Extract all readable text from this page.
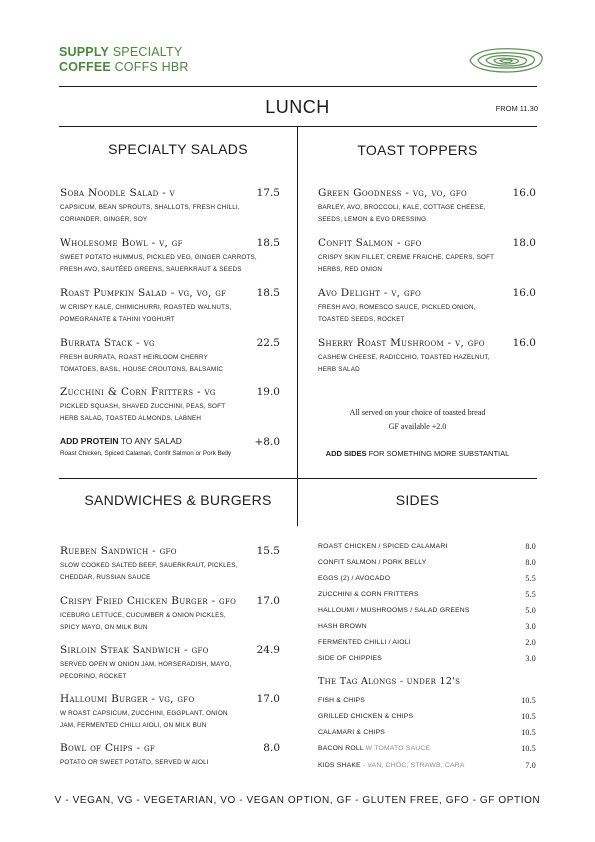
SUPPLY SPECIALTY
COFFEE COFFS HBR
LUNCH	FROM 11.30
SPECIALTY SALADS	TOAST TOPPERS
SANDWICHES & BURGERS	SIDES
Soba Noodle Salad - v	17.5
CAPSICUM, BEAN SPROUTS, SHALLOTS, FRESH CHILLI,
CORIANDER, GINGER, SOY
Wholesome Bowl - v, gf	18.5
SWEET POTATO HUMMUS, PICKLED VEG, GINGER CARROTS,
FRESH AVO, SAUTÉED GREENS, SAUERKRAUT & SEEDS
Roast Pumpkin Salad - vg, vo, gf	18.5
W CRISPY KALE, CHIMICHURRI, ROASTED WALNUTS,
POMEGRANATE & TAHINI YOGHURT
Burrata Stack - vg	22.5
FRESH BURRATA, ROAST HEIRLOOM CHERRY
TOMATOES, BASIL, HOUSE CROUTONS, BALSAMIC
Zucchini & Corn Fritters - vg	19.0
PICKLED SQUASH, SHAVED ZUCCHINI, PEAS, SOFT
HERB SALAD, TOASTED ALMONDS, LABNEH
ADD PROTEIN TO ANY SALAD	+8.0
Roast Chicken, Spiced Calamari, Confit Salmon or Pork Belly
Green Goodness - vg, vo, gfo	16.0
BARLEY, AVO, BROCCOLI, KALE, COTTAGE CHEESE,
SEEDS, LEMON & EVO DRESSING
Confit Salmon - gfo	18.0
CRISPY SKIN FILLET, CREME FRAICHE, CAPERS, SOFT
HERBS, RED ONION
Avo Delight - v, gfo	16.0
FRESH AVO, ROMESCO SAUCE, PICKLED ONION,
TOASTED SEEDS, ROCKET
Sherry Roast Mushroom - v, gfo	16.0
CASHEW CHEESE, RADICCHIO, TOASTED HAZELNUT,
HERB SALAD
All served on your choice of toasted bread
GF available +2.0
ADD SIDES FOR SOMETHING MORE SUBSTANTIAL
Rueben Sandwich - gfo	15.5
SLOW COOKED SALTED BEEF, SAUERKRAUT, PICKLES,
CHEDDAR, RUSSIAN SAUCE
Crispy Fried Chicken Burger - gfo	17.0
ICEBURG LETTUCE, CUCUMBER & ONION PICKLES,
SPICY MAYO, ON MILK BUN
Sirloin Steak Sandwich - gfo	24.9
SERVED OPEN W ONION JAM, HORSERADISH, MAYO,
PECORINO, ROCKET
Halloumi Burger - vg, gfo	17.0
W ROAST CAPSICUM, ZUCCHINI, EGGPLANT, ONION
JAM, FERMENTED CHILLI AIOLI, ON MILK BUN
Bowl of Chips - gf	8.0
POTATO OR SWEET POTATO, SERVED W AIOLI
ROAST CHICKEN / SPICED CALAMARI	8.0
CONFIT SALMON / PORK BELLY	8.0
EGGS (2) / AVOCADO	5.5
ZUCCHINI & CORN FRITTERS	5.5
HALLOUMI / MUSHROOMS / SALAD GREENS	5.0
HASH BROWN	3.0
FERMENTED CHILLI / AIOLI	2.0
SIDE OF CHIPPIES	3.0
The Tag Alongs - under 12's
FISH & CHIPS	10.5
GRILLED CHICKEN & CHIPS	10.5
CALAMARI & CHIPS	10.5
BACON ROLL W TOMATO SAUCE	10.5
KIDS SHAKE - VAN, CHOC, STRAWB, CARA	7.0
V - VEGAN, VG - VEGETARIAN, VO - VEGAN OPTION, GF - GLUTEN FREE, GFO - GF OPTION
